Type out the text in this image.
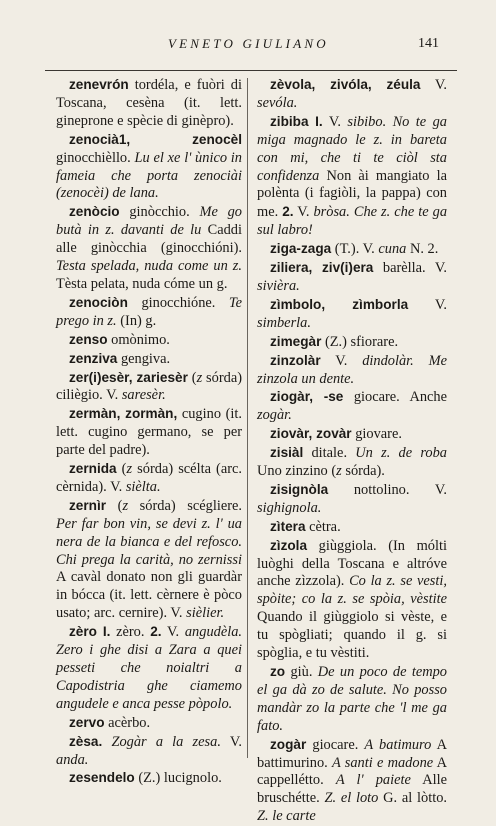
VENETO GIULIANO	141

zenevrón tordéla, e fuòri di Toscana, cesèna (it. lett. gineprone e spècie di ginèpro).

zenocià1, zenocèl ginocchièllo. Lu el xe l' ùnico in fameia che porta zenociài (zenocèi) de lana.

zenòcio ginòcchio. Me go butà in z. davanti de lu Caddi alle ginòcchia (ginocchióni). Testa spelada, nuda come un z. Tèsta pelata, nuda cóme un g.

zenociòn ginocchióne. Te prego in z. (In) g.

zenso omònimo.

zenziva gengiva.

zer(i)esèr, zariesèr (z sórda) ciliègio. V. saresèr.

zermàn, zormàn, cugino (it. lett. cugino germano, se per parte del padre).

zernida (z sórda) scélta (arc. cèrnida). V. sièlta.

zernìr (z sórda) scégliere. Per far bon vin, se devi z. l' ua nera de la bianca e del refosco. Chi prega la carità, no zernissi A cavàl donato non gli guardàr in bócca (it. lett. cèrnere è pòco usato; arc. cernire). V. sièlier.

zèro I. zèro. 2. V. angudèla. Zero i ghe disi a Zara a quei pesseti che noialtri a Capodistria ghe ciamemo angudele e anca pesse pòpolo.

zervo acèrbo.

zèsa. Zogàr a la zesa. V. anda.

zesendelo (Z.) lucignolo.

zèvola, zivóla, zéula V. sevóla.

zibiba I. V. sibibo. No te ga miga magnado le z. in bareta con mi, che ti te ciòl sta confidenza Non ài mangiato la polènta (i fagiòli, la pappa) con me. 2. V. bròsa. Che z. che te ga sul labro!

ziga-zaga (T.). V. cuna N. 2.

ziliera, ziv(i)era barèlla. V. sivièra.

zìmbolo, zìmborla V. simberla.

zimegàr (Z.) sfiorare.

zinzolàr V. dindolàr. Me zinzola un dente.

ziogàr, -se giocare. Anche zogàr.

ziovàr, zovàr giovare.

zisiàl ditale. Un z. de roba Uno zinzino (z sórda).

zisignòla nottolino. V. sighignola.

zìtera cètra.

zìzola giùggiola. (In mólti luòghi della Toscana e altróve anche zìzzola). Co la z. se vesti, spòite; co la z. se spòia, vèstite Quando il giùggiolo si vèste, e tu spògliati; quando il g. si spòglia, e tu vèstiti.

zo giù. De un poco de tempo el ga dà zo de salute. No posso mandàr zo la parte che 'l me ga fato.

zogàr giocare. A batimuro A battimurino. A santi e madone A cappellétto. A l' paiete Alle bruschétte. Z. el loto G. al lòtto. Z. le carte
